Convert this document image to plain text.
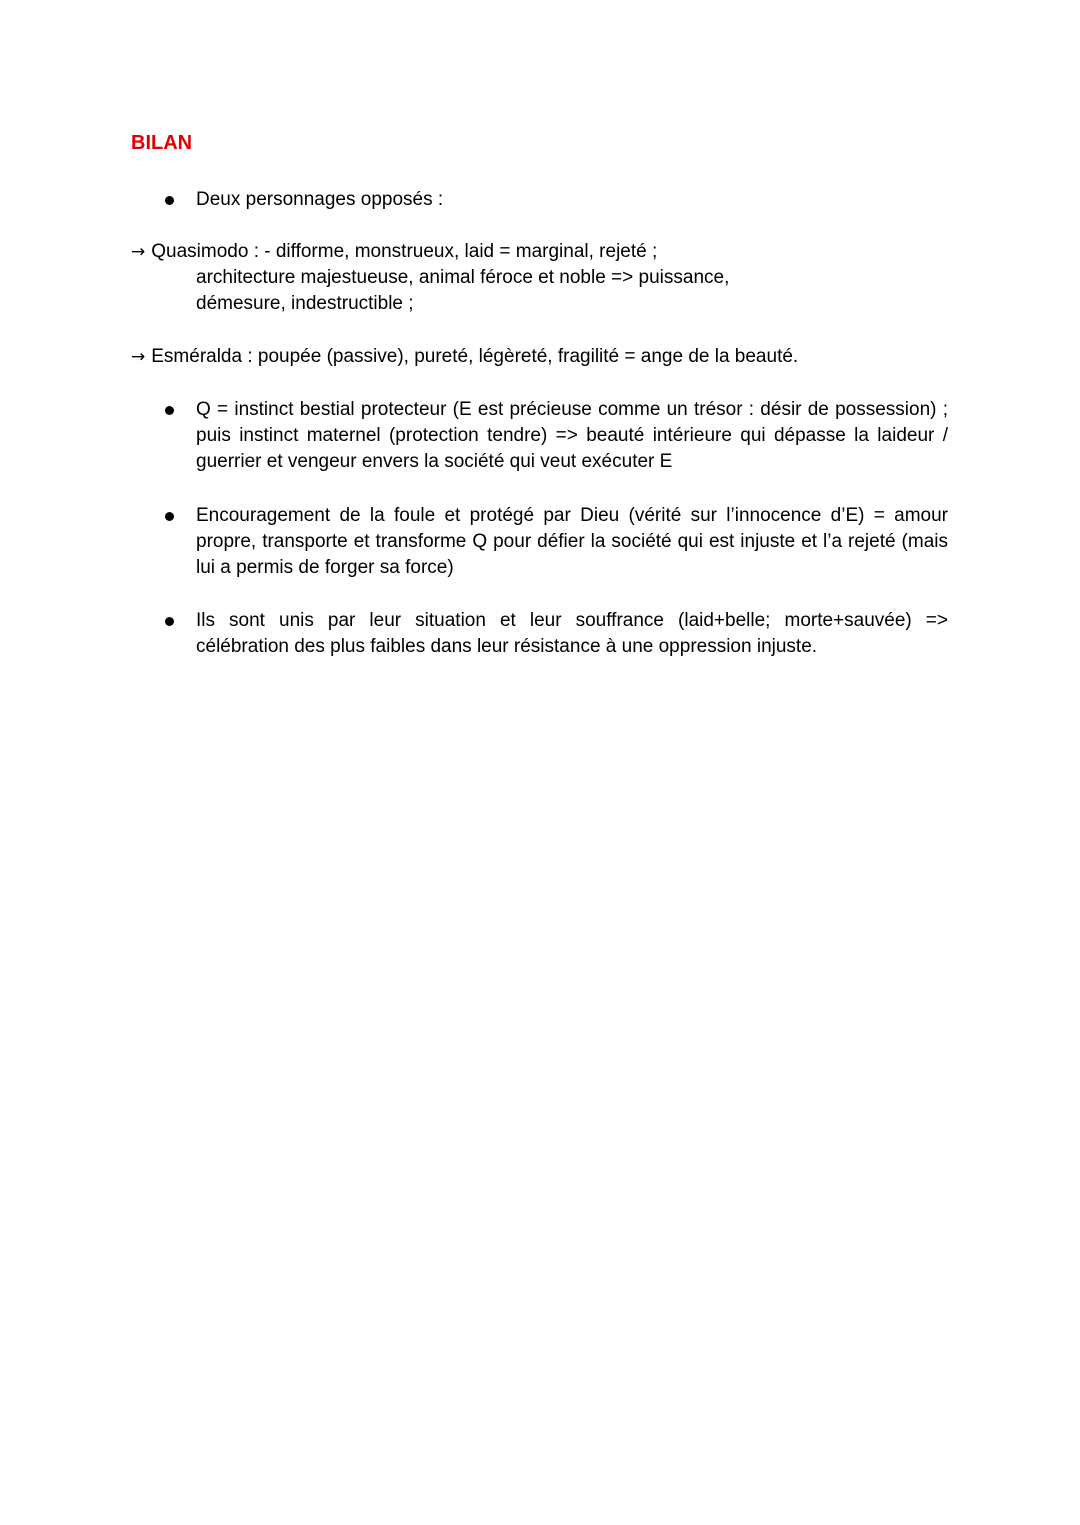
BILAN
Deux personnages opposés :
→ Quasimodo : - difforme, monstrueux, laid = marginal, rejeté ;
architecture majestueuse, animal féroce et noble => puissance,
démesure, indestructible ;
→ Esméralda : poupée (passive), pureté, légèreté, fragilité = ange de la beauté.
Q = instinct bestial protecteur (E est précieuse comme un trésor : désir de possession) ; puis instinct maternel (protection tendre) => beauté intérieure qui dépasse la laideur / guerrier et vengeur envers la société qui veut exécuter E
Encouragement de la foule et protégé par Dieu (vérité sur l’innocence d’E) = amour propre, transporte et transforme Q pour défier la société qui est injuste et l’a rejeté (mais lui a permis de forger sa force)
Ils sont unis par leur situation et leur souffrance (laid+belle; morte+sauvée) => célébration des plus faibles dans leur résistance à une oppression injuste.
